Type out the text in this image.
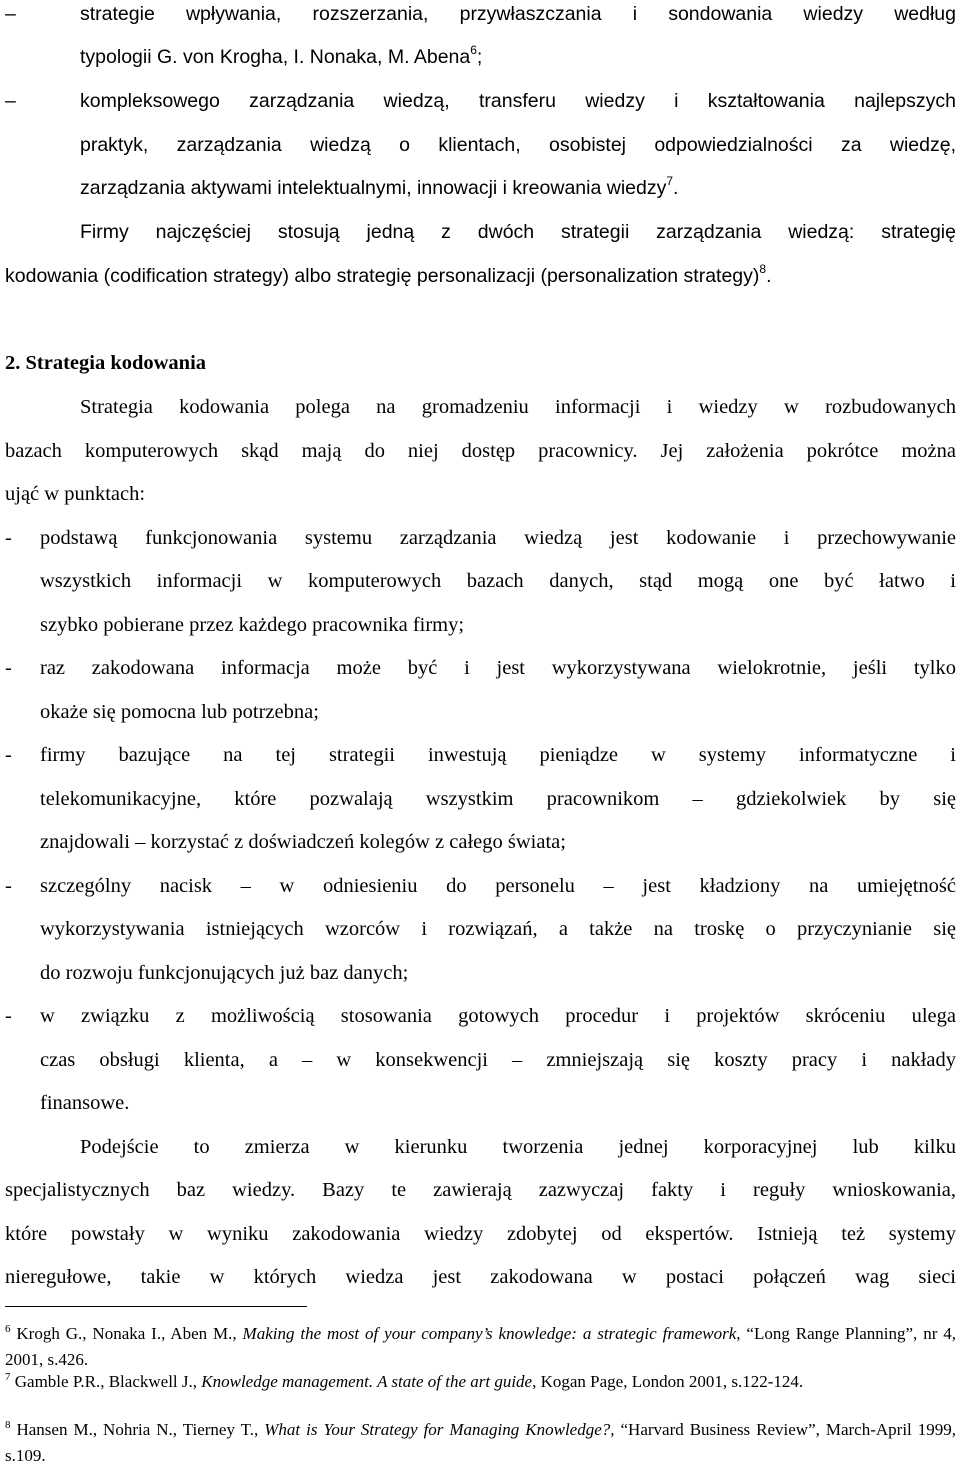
–	strategie wpływania, rozszerzania, przywłaszczania i sondowania wiedzy według
typologii G. von Krogha, I. Nonaka, M. Abena$^6$;
–	kompleksowego zarządzania wiedzą, transferu wiedzy i kształtowania najlepszych
praktyk, zarządzania wiedzą o klientach, osobistej odpowiedzialności za wiedzę,
zarządzania aktywami intelektualnymi, innowacji i kreowania wiedzy$^7$.
Firmy najczęściej stosują jedną z dwóch strategii zarządzania wiedzą: strategię
kodowania (codification strategy) albo strategię personalizacji (personalization strategy)$^8$.
2. Strategia kodowania
Strategia kodowania polega na gromadzeniu informacji i wiedzy w rozbudowanych
bazach komputerowych skąd mają do niej dostęp pracownicy. Jej założenia pokrótce można
ująć w punktach:
- podstawą funkcjonowania systemu zarządzania wiedzą jest kodowanie i przechowywanie
wszystkich informacji w komputerowych bazach danych, stąd mogą one być łatwo i
szybko pobierane przez każdego pracownika firmy;
- raz zakodowana informacja może być i jest wykorzystywana wielokrotnie, jeśli tylko
okaże się pomocna lub potrzebna;
- firmy bazujące na tej strategii inwestują pieniądze w systemy informatyczne i
telekomunikacyjne, które pozwalają wszystkim pracownikom – gdziekolwiek by się
znajdowali – korzystać z doświadczeń kolegów z całego świata;
- szczególny nacisk – w odniesieniu do personelu – jest kładziony na umiejętność
wykorzystywania istniejących wzorców i rozwiązań, a także na troskę o przyczynianie się
do rozwoju funkcjonujących już baz danych;
- w związku z możliwością stosowania gotowych procedur i projektów skróceniu ulega
czas obsługi klienta, a – w konsekwencji – zmniejszają się koszty pracy i nakłady
finansowe.
Podejście to zmierza w kierunku tworzenia jednej korporacyjnej lub kilku
specjalistycznych baz wiedzy. Bazy te zawierają zazwyczaj fakty i reguły wnioskowania,
które powstały w wyniku zakodowania wiedzy zdobytej od ekspertów. Istnieją też systemy
nieregułowe, takie w których wiedza jest zakodowana w postaci połączeń wag sieci
$^6$ Krogh G., Nonaka I., Aben M., Making the most of your company’s knowledge: a strategic framework, “Long Range Planning”, nr 4, 2001, s.426.
$^7$ Gamble P.R., Blackwell J., Knowledge management. A state of the art guide, Kogan Page, London 2001, s.122-124.
$^8$ Hansen M., Nohria N., Tierney T., What is Your Strategy for Managing Knowledge?, “Harvard Business Review”, March-April 1999, s.109.
